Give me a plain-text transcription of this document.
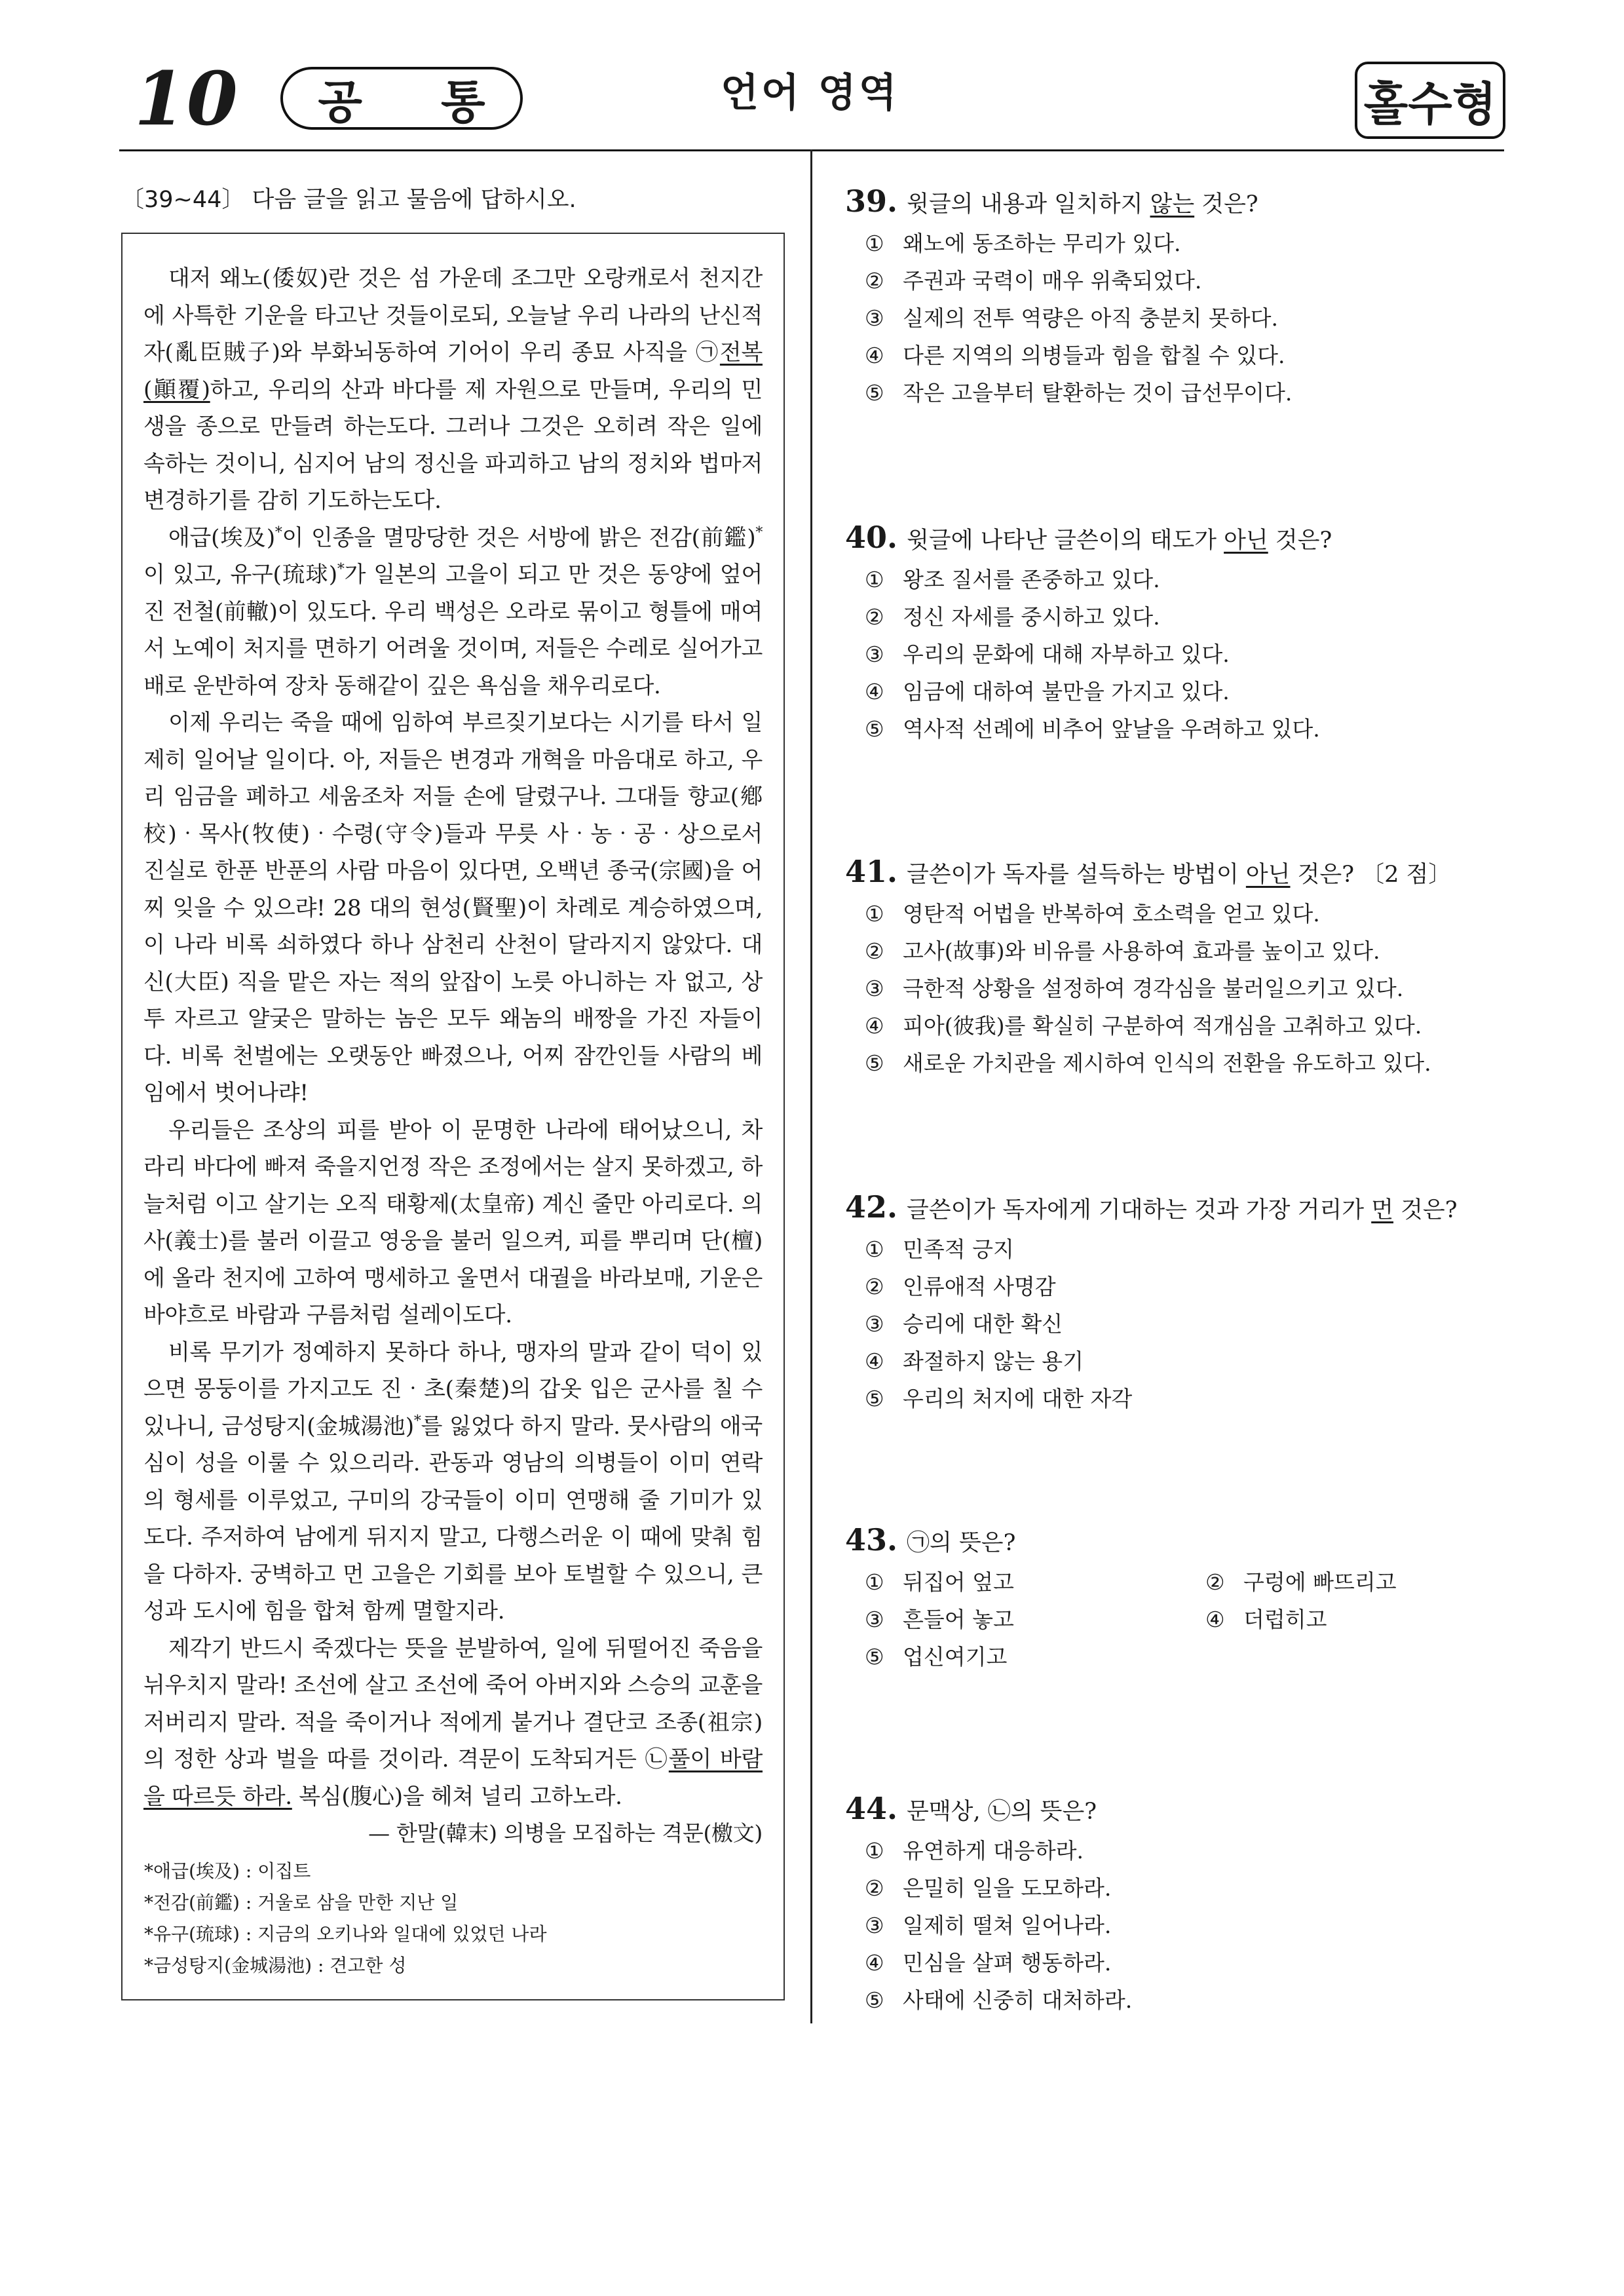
10 공 통	언어 영역	홀수형
〔39~44〕 다음 글을 읽고 물음에 답하시오.

대저 왜노(倭奴)란 것은 섬 가운데 조그만 오랑캐로서 천지간에 사특한 기운을 타고난 것들이로되, 오늘날 우리 나라의 난신적자(亂臣賊子)와 부화뇌동하여 기어이 우리 종묘 사직을 ㉠전복(顚覆)하고, 우리의 산과 바다를 제 자원으로 만들며, 우리의 민생을 종으로 만들려 하는도다. 그러나 그것은 오히려 작은 일에 속하는 것이니, 심지어 남의 정신을 파괴하고 남의 정치와 법마저 변경하기를 감히 기도하는도다.

애급(埃及)*이 인종을 멸망당한 것은 서방에 밝은 전감(前鑑)*이 있고, 유구(琉球)*가 일본의 고을이 되고 만 것은 동양에 엎어진 전철(前轍)이 있도다. 우리 백성은 오라로 묶이고 형틀에 매여서 노예이 처지를 면하기 어려울 것이며, 저들은 수레로 실어가고 배로 운반하여 장차 동해같이 깊은 욕심을 채우리로다.

이제 우리는 죽을 때에 임하여 부르짖기보다는 시기를 타서 일제히 일어날 일이다. 아, 저들은 변경과 개혁을 마음대로 하고, 우리 임금을 폐하고 세움조차 저들 손에 달렸구나. 그대들 향교(鄕校)‧목사(牧使)‧수령(守令)들과 무릇 사‧농‧공‧상으로서 진실로 한푼 반푼의 사람 마음이 있다면, 오백년 종국(宗國)을 어찌 잊을 수 있으랴! 28 대의 현성(賢聖)이 차례로 계승하였으며, 이 나라 비록 쇠하였다 하나 삼천리 산천이 달라지지 않았다. 대신(大臣) 직을 맡은 자는 적의 앞잡이 노릇 아니하는 자 없고, 상투 자르고 얄궂은 말하는 놈은 모두 왜놈의 배짱을 가진 자들이다. 비록 천벌에는 오랫동안 빠졌으나, 어찌 잠깐인들 사람의 베임에서 벗어나랴!

우리들은 조상의 피를 받아 이 문명한 나라에 태어났으니, 차라리 바다에 빠져 죽을지언정 작은 조정에서는 살지 못하겠고, 하늘처럼 이고 살기는 오직 태황제(太皇帝) 계신 줄만 아리로다. 의사(義士)를 불러 이끌고 영웅을 불러 일으켜, 피를 뿌리며 단(檀)에 올라 천지에 고하여 맹세하고 울면서 대궐을 바라보매, 기운은 바야흐로 바람과 구름처럼 설레이도다.

비록 무기가 정예하지 못하다 하나, 맹자의 말과 같이 덕이 있으면 몽둥이를 가지고도 진‧초(秦楚)의 갑옷 입은 군사를 칠 수 있나니, 금성탕지(金城湯池)*를 잃었다 하지 말라. 뭇사람의 애국심이 성을 이룰 수 있으리라. 관동과 영남의 의병들이 이미 연락의 형세를 이루었고, 구미의 강국들이 이미 연맹해 줄 기미가 있도다. 주저하여 남에게 뒤지지 말고, 다행스러운 이 때에 맞춰 힘을 다하자. 궁벽하고 먼 고을은 기회를 보아 토벌할 수 있으니, 큰 성과 도시에 힘을 합쳐 함께 멸할지라.

제각기 반드시 죽겠다는 뜻을 분발하여, 일에 뒤떨어진 죽음을 뉘우치지 말라! 조선에 살고 조선에 죽어 아버지와 스승의 교훈을 저버리지 말라. 적을 죽이거나 적에게 붙거나 결단코 조종(祖宗)의 정한 상과 벌을 따를 것이라. 격문이 도착되거든 ㉡풀이 바람을 따르듯 하라. 복심(腹心)을 헤쳐 널리 고하노라.

— 한말(韓末) 의병을 모집하는 격문(檄文)

*애급(埃及) : 이집트
*전감(前鑑) : 거울로 삼을 만한 지난 일
*유구(琉球) : 지금의 오키나와 일대에 있었던 나라
*금성탕지(金城湯池) : 견고한 성
39. 윗글의 내용과 일치하지 않는 것은?
① 왜노에 동조하는 무리가 있다.
② 주권과 국력이 매우 위축되었다.
③ 실제의 전투 역량은 아직 충분치 못하다.
④ 다른 지역의 의병들과 힘을 합칠 수 있다.
⑤ 작은 고을부터 탈환하는 것이 급선무이다.
40. 윗글에 나타난 글쓴이의 태도가 아닌 것은?
① 왕조 질서를 존중하고 있다.
② 정신 자세를 중시하고 있다.
③ 우리의 문화에 대해 자부하고 있다.
④ 임금에 대하여 불만을 가지고 있다.
⑤ 역사적 선례에 비추어 앞날을 우려하고 있다.
41. 글쓴이가 독자를 설득하는 방법이 아닌 것은? 〔2 점〕
① 영탄적 어법을 반복하여 호소력을 얻고 있다.
② 고사(故事)와 비유를 사용하여 효과를 높이고 있다.
③ 극한적 상황을 설정하여 경각심을 불러일으키고 있다.
④ 피아(彼我)를 확실히 구분하여 적개심을 고취하고 있다.
⑤ 새로운 가치관을 제시하여 인식의 전환을 유도하고 있다.
42. 글쓴이가 독자에게 기대하는 것과 가장 거리가 먼 것은?
① 민족적 긍지
② 인류애적 사명감
③ 승리에 대한 확신
④ 좌절하지 않는 용기
⑤ 우리의 처지에 대한 자각
43. ㉠의 뜻은?
① 뒤집어 엎고	② 구렁에 빠뜨리고
③ 흔들어 놓고	④ 더럽히고
⑤ 업신여기고
44. 문맥상, ㉡의 뜻은?
① 유연하게 대응하라.
② 은밀히 일을 도모하라.
③ 일제히 떨쳐 일어나라.
④ 민심을 살펴 행동하라.
⑤ 사태에 신중히 대처하라.
